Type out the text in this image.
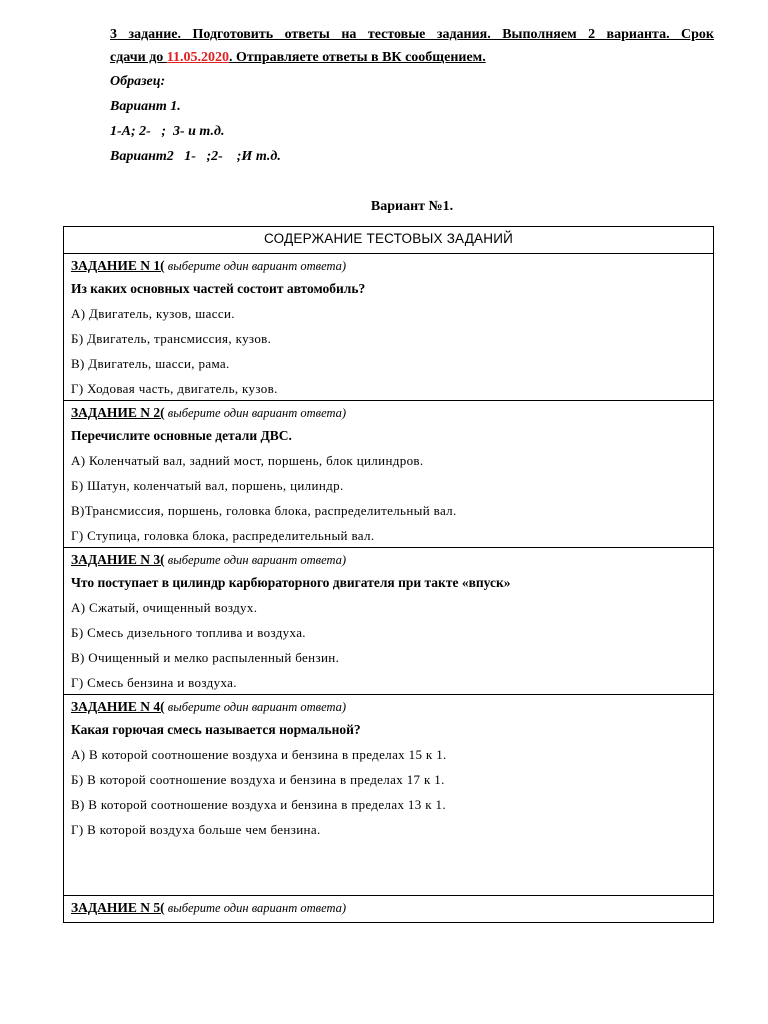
3 задание. Подготовить ответы на тестовые задания. Выполняем 2 варианта. Срок
сдачи до 11.05.2020. Отправляете ответы в ВК сообщением.
Образец:
Вариант 1.
1-А; 2-   ;  3- и т.д.
Вариант2   1-   ;2-    ;И т.д.
Вариант №1.
СОДЕРЖАНИЕ ТЕСТОВЫХ ЗАДАНИЙ

ЗАДАНИЕ N 1( выберите один вариант ответа)
Из каких основных частей состоит автомобиль?
А) Двигатель, кузов, шасси.
Б) Двигатель, трансмиссия, кузов.
В) Двигатель, шасси, рама.
Г) Ходовая часть, двигатель, кузов.

ЗАДАНИЕ N 2( выберите один вариант ответа)
Перечислите основные детали ДВС.
А) Коленчатый вал, задний мост, поршень, блок цилиндров.
Б) Шатун, коленчатый вал, поршень, цилиндр.
В)Трансмиссия, поршень, головка блока, распределительный вал.
Г) Ступица, головка блока, распределительный вал.

ЗАДАНИЕ N 3( выберите один вариант ответа)
Что поступает в цилиндр карбюраторного двигателя при такте «впуск»
А) Сжатый, очищенный воздух.
Б) Смесь дизельного топлива и воздуха.
В) Очищенный и мелко распыленный бензин.
Г) Смесь бензина и воздуха.

ЗАДАНИЕ N 4( выберите один вариант ответа)
Какая горючая смесь называется нормальной?
А) В которой соотношение воздуха и бензина в пределах 15 к 1.
Б) В которой соотношение воздуха и бензина в пределах 17 к 1.
В) В которой соотношение воздуха и бензина в пределах 13 к 1.
Г) В которой воздуха больше чем бензина.

ЗАДАНИЕ N 5( выберите один вариант ответа)
